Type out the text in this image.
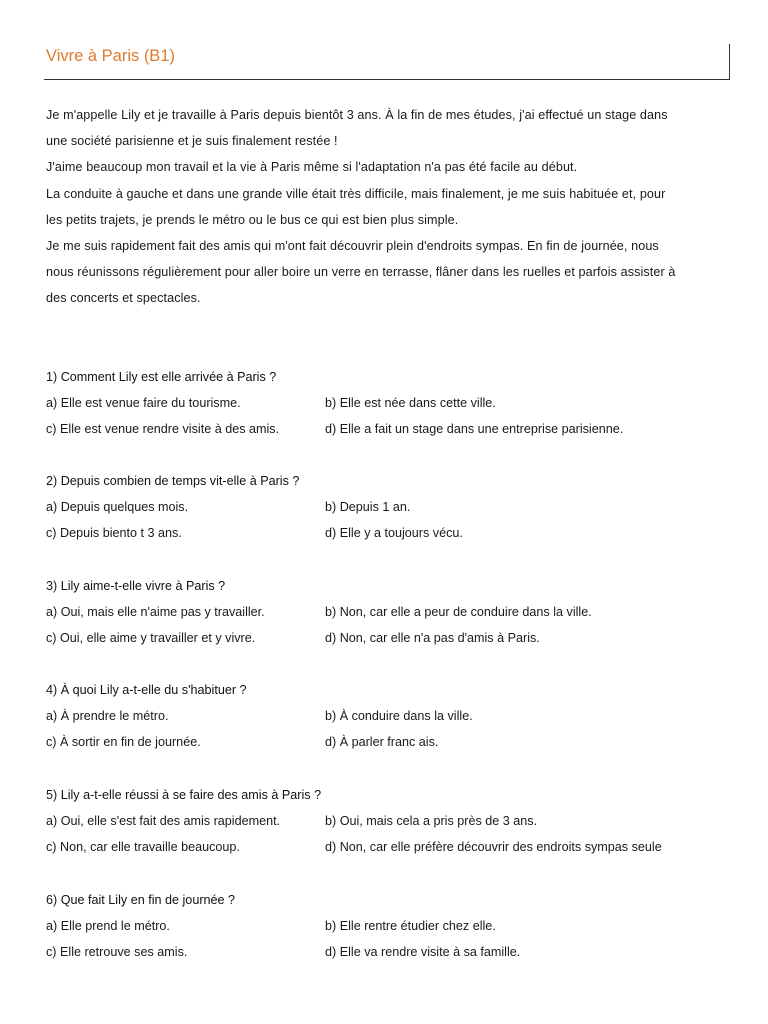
Vivre à Paris (B1)

Je m'appelle Lily et je travaille à Paris depuis bientôt 3 ans. À la fin de mes études, j'ai effectué un stage dans

une société parisienne et je suis finalement restée !

J'aime beaucoup mon travail et la vie à Paris même si l'adaptation n'a pas été facile au début.

La conduite à gauche et dans une grande ville était très difficile, mais finalement, je me suis habituée et, pour

les petits trajets, je prends le métro ou le bus ce qui est bien plus simple.

Je me suis rapidement fait des amis qui m'ont fait découvrir plein d'endroits sympas. En fin de journée, nous

nous réunissons régulièrement pour aller boire un verre en terrasse, flâner dans les ruelles et parfois assister à

des concerts et spectacles.

1) Comment Lily est elle arrivée à Paris ?
a) Elle est venue faire du tourisme.	b) Elle est née dans cette ville.
c) Elle est venue rendre visite à des amis.	d) Elle a fait un stage dans une entreprise parisienne.
2) Depuis combien de temps vit-elle à Paris ?
a) Depuis quelques mois.	b) Depuis 1 an.
c) Depuis biento t 3 ans.	d) Elle y a toujours vécu.
3) Lily aime-t-elle vivre à Paris ?
a) Oui, mais elle n'aime pas y travailler.	b) Non, car elle a peur de conduire dans la ville.
c) Oui, elle aime y travailler et y vivre.	d) Non, car elle n'a pas d'amis à Paris.
4) À quoi Lily a-t-elle du s'habituer ?
a) À prendre le métro.	b) À conduire dans la ville.
c) À sortir en fin de journée.	d) À parler franc ais.
5) Lily a-t-elle réussi à se faire des amis à Paris ?
a) Oui, elle s'est fait des amis rapidement.	b) Oui, mais cela a pris près de 3 ans.
c) Non, car elle travaille beaucoup.	d) Non, car elle préfère découvrir des endroits sympas seule
6) Que fait Lily en fin de journée ?
a) Elle prend le métro.	b) Elle rentre étudier chez elle.
c) Elle retrouve ses amis.	d) Elle va rendre visite à sa famille.
